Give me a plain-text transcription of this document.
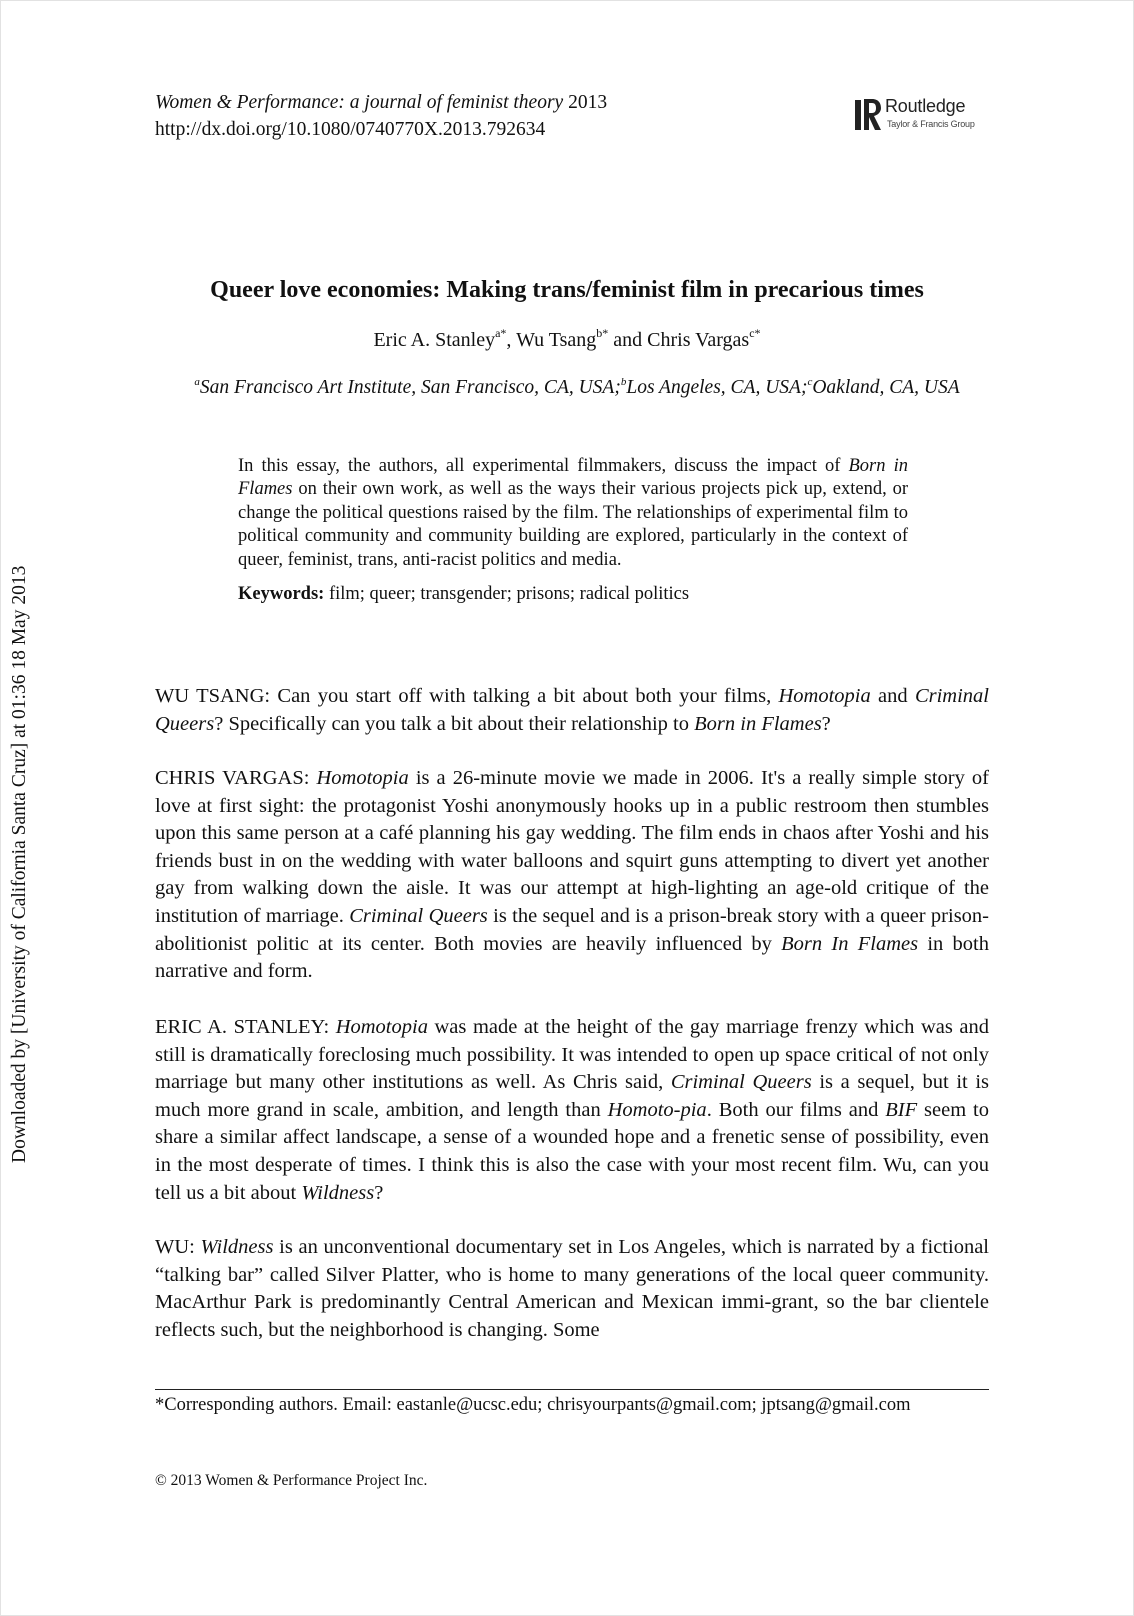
Women & Performance: a journal of feminist theory 2013
http://dx.doi.org/10.1080/0740770X.2013.792634
Routledge
Taylor & Francis Group
Downloaded by [University of California Santa Cruz] at 01:36 18 May 2013
Queer love economies: Making trans/feminist film in precarious times
Eric A. Stanley$^{a*}$, Wu Tsang$^{b*}$ and Chris Vargas$^{c*}$
$^a$San Francisco Art Institute, San Francisco, CA, USA;$^b$Los Angeles, CA, USA;$^c$Oakland, CA, USA
In this essay, the authors, all experimental filmmakers, discuss the impact of Born in Flames on their own work, as well as the ways their various projects pick up, extend, or change the political questions raised by the film. The relationships of experimental film to political community and community building are explored, particularly in the context of queer, feminist, trans, anti-racist politics and media.
Keywords: film; queer; transgender; prisons; radical politics
WU TSANG: Can you start off with talking a bit about both your films, Homotopia and Criminal Queers? Specifically can you talk a bit about their relationship to Born in Flames?
CHRIS VARGAS: Homotopia is a 26-minute movie we made in 2006. It's a really simple story of love at first sight: the protagonist Yoshi anonymously hooks up in a public restroom then stumbles upon this same person at a café planning his gay wedding. The film ends in chaos after Yoshi and his friends bust in on the wedding with water balloons and squirt guns attempting to divert yet another gay from walking down the aisle. It was our attempt at high-lighting an age-old critique of the institution of marriage. Criminal Queers is the sequel and is a prison-break story with a queer prison-abolitionist politic at its center. Both movies are heavily influenced by Born In Flames in both narrative and form.
ERIC A. STANLEY: Homotopia was made at the height of the gay marriage frenzy which was and still is dramatically foreclosing much possibility. It was intended to open up space critical of not only marriage but many other institutions as well. As Chris said, Criminal Queers is a sequel, but it is much more grand in scale, ambition, and length than Homoto-pia. Both our films and BIF seem to share a similar affect landscape, a sense of a wounded hope and a frenetic sense of possibility, even in the most desperate of times. I think this is also the case with your most recent film. Wu, can you tell us a bit about Wildness?
WU: Wildness is an unconventional documentary set in Los Angeles, which is narrated by a fictional “talking bar” called Silver Platter, who is home to many generations of the local queer community. MacArthur Park is predominantly Central American and Mexican immi-grant, so the bar clientele reflects such, but the neighborhood is changing. Some
*Corresponding authors. Email: eastanle@ucsc.edu; chrisyourpants@gmail.com; jptsang@gmail.com
© 2013 Women & Performance Project Inc.
